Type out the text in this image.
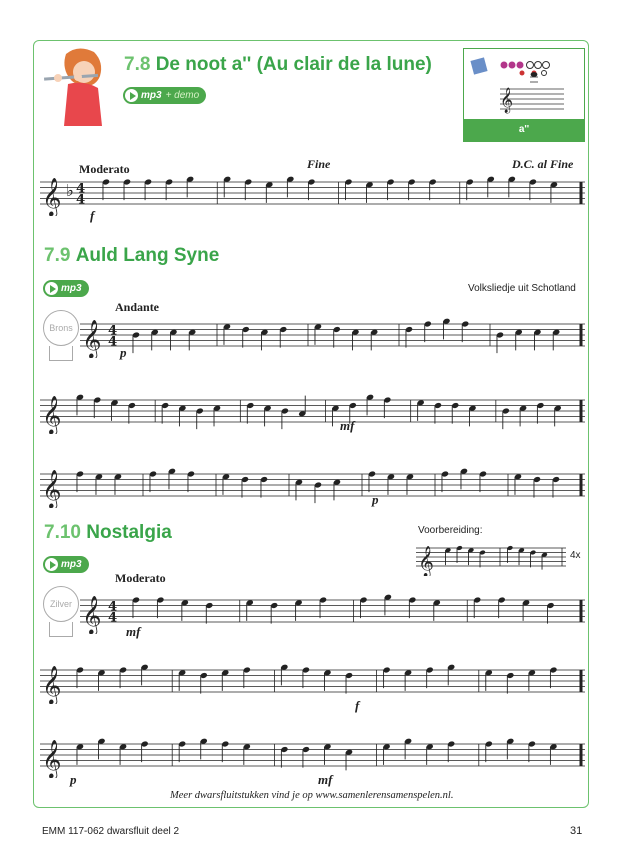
7.8 De noot a'' (Au clair de la lune)
mp3 + demo	𝄞
a''
Moderato	Fine	D.C. al Fine
f
𝄞 4
4
♭
7.9 Auld Lang Syne
mp3	Volksliedje uit Schotland
Andante
Brons
p
𝄞 4
4
𝄞	mf
𝄞	p
7.10 Nostalgia	Voorbereiding:
𝄞	4x
mp3
Moderato
Zilver 𝄞 4
4
mf
𝄞
f
𝄞
p	mf
Meer dwarsfluitstukken vind je op www.samenlerensamenspelen.nl.
EMM 117-062 dwarsfluit deel 2	31
